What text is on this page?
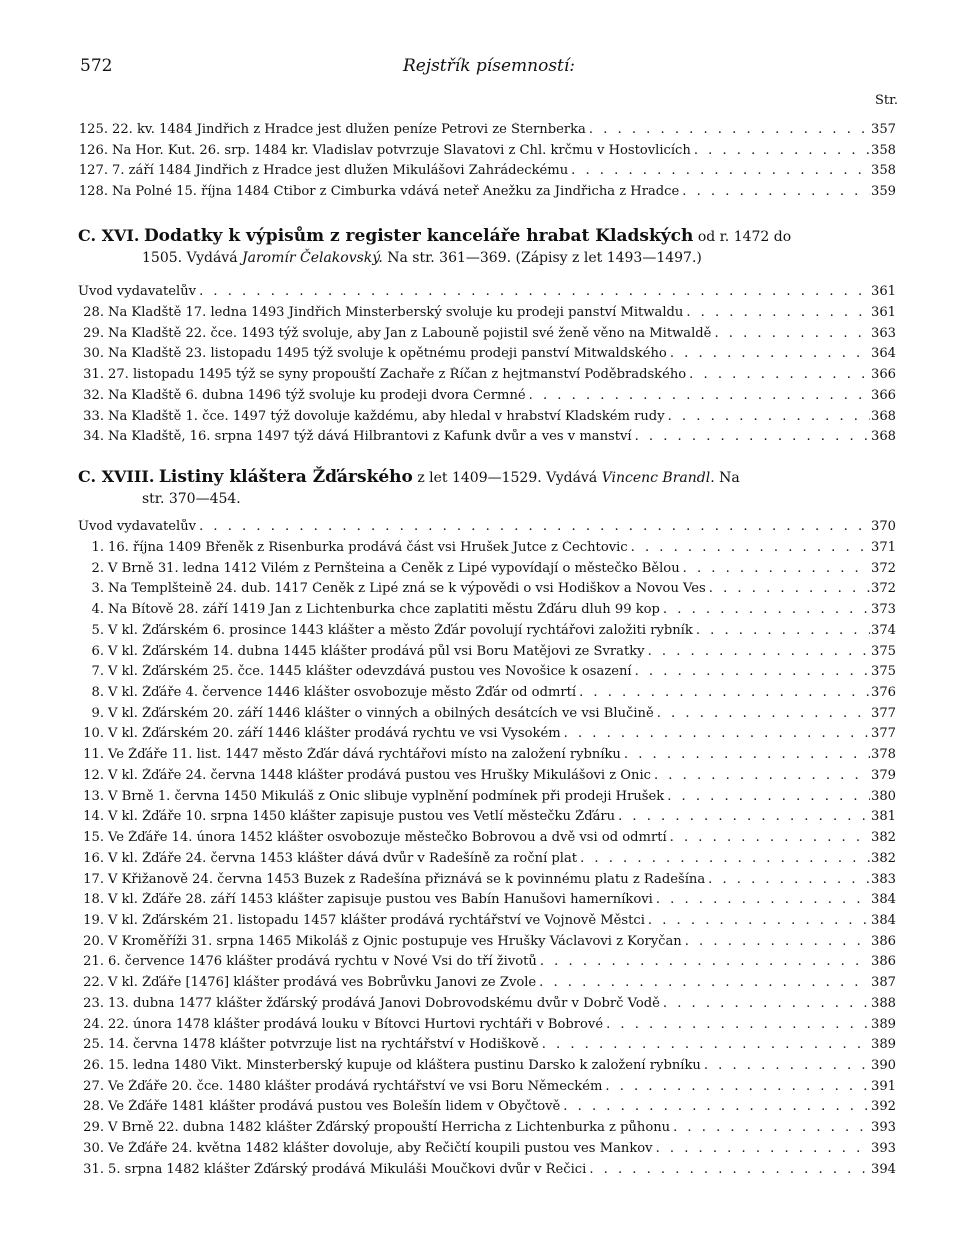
572	Rejstřík písemností:
Str.
125. 22. kv. 1484 Jindřich z Hradce jest dlužen peníze Petrovi ze Šternberka . . .	357
126. Na Hor. Kut. 26. srp. 1484 kr. Vladislav potvrzuje Slavatovi z Chl. krčmu v Hostovlicích . . .	358
127. 7. září 1484 Jindřich z Hradce jest dlužen Mikulášovi Zahrádeckému . . .	358
128. Na Polné 15. října 1484 Ctibor z Cimburka vdává neteř Anežku za Jindřicha z Hradce . . .	359
C. XVI. Dodatky k výpisům z register kanceláře hrabat Kladských od r. 1472 do
1505. Vydává Jaromír Čelakovský. Na str. 361—369. (Zápisy z let 1493—1497.)
Úvod vydavatelův . . .	361
28. Na Kladště 17. ledna 1493 Jindřich Minsterberský svoluje ku prodeji panství Mitwaldu . . .	361
29. Na Kladště 22. čce. 1493 týž svoluje, aby Jan z Labouně pojistil své ženě věno na Mitwaldě . . .	363
30. Na Kladště 23. listopadu 1495 týž svoluje k opětnému prodeji panství Mitwaldského . . .	364
31. 27. listopadu 1495 týž se syny propouští Zachaře z Říčan z hejtmanství Poděbradského . . .	366
32. Na Kladště 6. dubna 1496 týž svoluje ku prodeji dvora Čermné . . .	366
33. Na Kladště 1. čce. 1497 týž dovoluje každému, aby hledal v hrabství Kladském rudy . . .	368
34. Na Kladště, 16. srpna 1497 týž dává Hilbrantovi z Kafunk dvůr a ves v manství . . .	368
C. XVIII. Listiny kláštera Žďárského z let 1409—1529. Vydává Vincenc Brandl. Na
str. 370—454.
Úvod vydavatelův . . .	370
1. 16. října 1409 Břeněk z Risenburka prodává část vsi Hrušek Jutce z Čechtovic . . .	371
2. V Brně 31. ledna 1412 Vilém z Pernšteina a Čeněk z Lipé vypovídají o městečko Bělou . . .	372
3. Na Templšteině 24. dub. 1417 Čeněk z Lipé zná se k výpovědi o vsi Hodiškov a Novou Ves . . .	372
4. Na Bítově 28. září 1419 Jan z Lichtenburka chce zaplatiti městu Žďáru dluh 99 kop . . .	373
5. V kl. Žďárském 6. prosince 1443 klášter a město Žďár povolují rychtářovi založiti rybník . . .	374
6. V kl. Žďárském 14. dubna 1445 klášter prodává půl vsi Boru Matějovi ze Svratky . . .	375
7. V kl. Žďárském 25. čce. 1445 klášter odevzdává pustou ves Novošice k osazení . . .	375
8. V kl. Žďáře 4. července 1446 klášter osvobozuje město Žďár od odmrtí . . .	376
9. V kl. Žďárském 20. září 1446 klášter o vinných a obilných desátcích ve vsi Blučině . . .	377
10. V kl. Žďárském 20. září 1446 klášter prodává rychtu ve vsi Vysokém . . .	377
11. Ve Žďáře 11. list. 1447 město Žďár dává rychtářovi místo na založení rybníku . . .	378
12. V kl. Žďáře 24. června 1448 klášter prodává pustou ves Hrušky Mikulášovi z Onic . . .	379
13. V Brně 1. června 1450 Mikuláš z Onic slibuje vyplnění podmínek při prodeji Hrušek . . .	380
14. V kl. Žďáře 10. srpna 1450 klášter zapisuje pustou ves Vetlí městečku Žďáru . . .	381
15. Ve Žďáře 14. února 1452 klášter osvobozuje městečko Bobrovou a dvě vsi od odmrtí . . .	382
16. V kl. Žďáře 24. června 1453 klášter dává dvůr v Radešíně za roční plat . . .	382
17. V Křižanově 24. června 1453 Buzek z Radešína přiznává se k povinnému platu z Radešína . . .	383
18. V kl. Žďáře 28. září 1453 klášter zapisuje pustou ves Babín Hanušovi hamerníkovi . . .	384
19. V kl. Žďárském 21. listopadu 1457 klášter prodává rychtářství ve Vojnově Městci . . .	384
20. V Kroměříži 31. srpna 1465 Mikoláš z Ojnic postupuje ves Hrušky Václavovi z Koryčan . . .	386
21. 6. července 1476 klášter prodává rychtu v Nové Vsi do tří životů . . .	386
22. V kl. Žďáře [1476] klášter prodává ves Bobrůvku Janovi ze Zvole . . .	387
23. 13. dubna 1477 klášter žďárský prodává Janovi Dobrovodskému dvůr v Dobrč Vodě . . .	388
24. 22. února 1478 klášter prodává louku v Bítovci Hurtovi rychtáři v Bobrové . . .	389
25. 14. června 1478 klášter potvrzuje list na rychtářství v Hodiškově . . .	389
26. 15. ledna 1480 Vikt. Minsterberský kupuje od kláštera pustinu Darsko k založení rybníku . . .	390
27. Ve Žďáře 20. čce. 1480 klášter prodává rychtářství ve vsi Boru Německém . . .	391
28. Ve Žďáře 1481 klášter prodává pustou ves Bolešín lidem v Obyčtově . . .	392
29. V Brně 22. dubna 1482 klášter Žďárský propouští Herricha z Lichtenburka z půhonu . . .	393
30. Ve Žďáře 24. května 1482 klášter dovoluje, aby Řečičtí koupili pustou ves Mankov . . .	393
31. 5. srpna 1482 klášter Žďárský prodává Mikuláši Moučkovi dvůr v Řečici . . .	394
